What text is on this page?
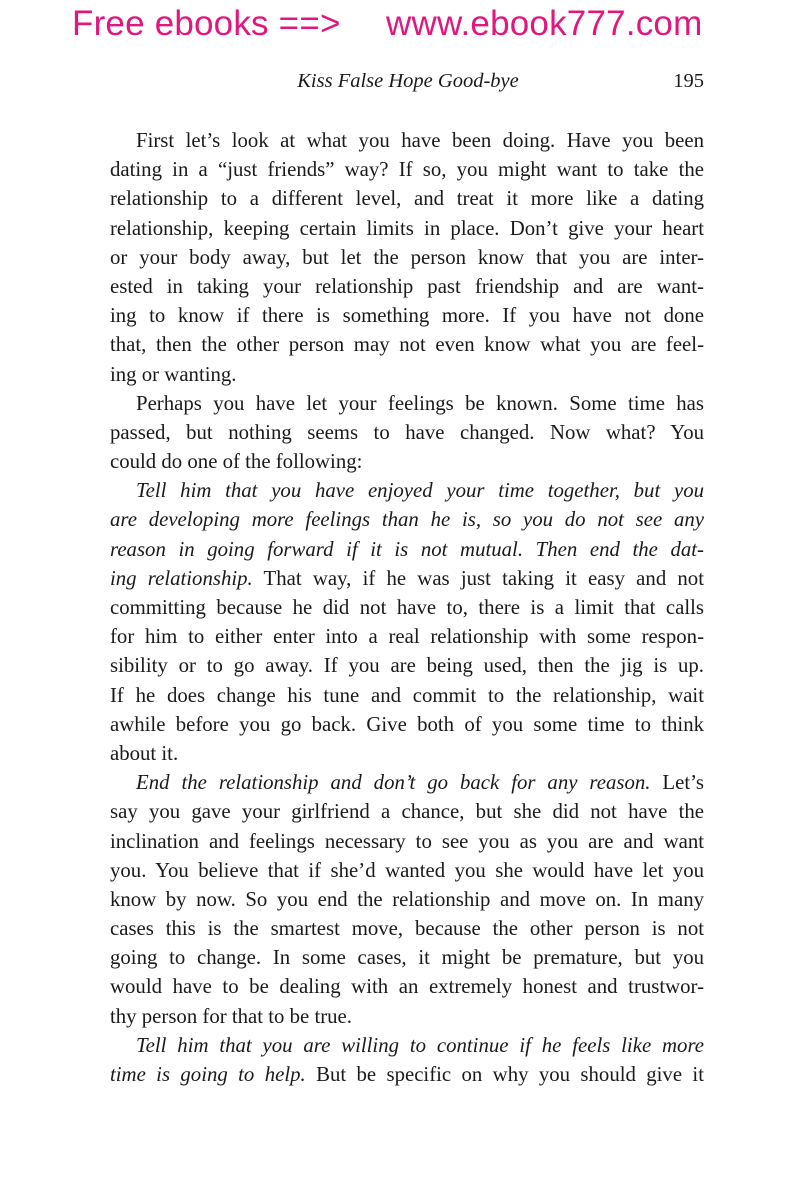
Free ebooks ==> www.ebook777.com
Kiss False Hope Good-bye	195
First let’s look at what you have been doing. Have you been
dating in a “just friends” way? If so, you might want to take the
relationship to a different level, and treat it more like a dating
relationship, keeping certain limits in place. Don’t give your heart
or your body away, but let the person know that you are inter-
ested in taking your relationship past friendship and are want-
ing to know if there is something more. If you have not done
that, then the other person may not even know what you are feel-
ing or wanting.
Perhaps you have let your feelings be known. Some time has
passed, but nothing seems to have changed. Now what? You
could do one of the following:
Tell him that you have enjoyed your time together, but you
are developing more feelings than he is, so you do not see any
reason in going forward if it is not mutual. Then end the dat-
ing relationship. That way, if he was just taking it easy and not
committing because he did not have to, there is a limit that calls
for him to either enter into a real relationship with some respon-
sibility or to go away. If you are being used, then the jig is up.
If he does change his tune and commit to the relationship, wait
awhile before you go back. Give both of you some time to think
about it.
End the relationship and don’t go back for any reason. Let’s
say you gave your girlfriend a chance, but she did not have the
inclination and feelings necessary to see you as you are and want
you. You believe that if she’d wanted you she would have let you
know by now. So you end the relationship and move on. In many
cases this is the smartest move, because the other person is not
going to change. In some cases, it might be premature, but you
would have to be dealing with an extremely honest and trustwor-
thy person for that to be true.
Tell him that you are willing to continue if he feels like more
time is going to help. But be specific on why you should give it
